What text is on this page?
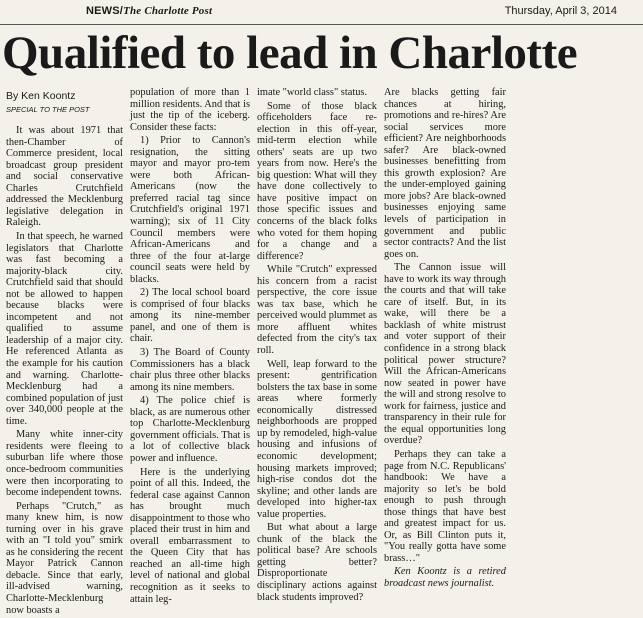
NEWS/The Charlotte Post	Thursday, April 3, 2014
Qualified to lead in Charlotte
By Ken Koontz
SPECIAL TO THE POST

It was about 1971 that then-Chamber of Commerce president, local broadcast group president and social conservative Charles Crutchfield addressed the Mecklenburg legislative delegation in Raleigh.

In that speech, he warned legislators that Charlotte was fast becoming a majority-black city. Crutchfield said that should not be allowed to happen because blacks were incompetent and not qualified to assume leadership of a major city. He referenced Atlanta as the example for his caution and warning. Charlotte-Mecklenburg had a combined population of just over 340,000 people at the time.

Many white inner-city residents were fleeing to suburban life where those once-bedroom communities were then incorporating to become independent towns.

Perhaps "Crutch," as many knew him, is now turning over in his grave with an "I told you" smirk as he considering the recent Mayor Patrick Cannon debacle. Since that early, ill-advised warning, Charlotte-Mecklenburg now boasts a

population of more than 1 million residents. And that is just the tip of the iceberg. Consider these facts:

1) Prior to Cannon's resignation, the sitting mayor and mayor pro-tem were both African-Americans (now the preferred racial tag since Crutchfield's original 1971 warning); six of 11 City Council members were African-Americans and three of the four at-large council seats were held by blacks.

2) The local school board is comprised of four blacks among its nine-member panel, and one of them is chair.

3) The Board of County Commissioners has a black chair plus three other blacks among its nine members.

4) The police chief is black, as are numerous other top Charlotte-Mecklenburg government officials. That is a lot of collective black power and influence.

Here is the underlying point of all this. Indeed, the federal case against Cannon has brought much disappointment to those who placed their trust in him and overall embarrassment to the Queen City that has reached an all-time high level of national and global recognition as it seeks to attain leg-

imate "world class" status.

Some of those black officeholders face re-election in this off-year, mid-term election while others' seats are up two years from now. Here's the big question: What will they have done collectively to have positive impact on those specific issues and concerns of the black folks who voted for them hoping for a change and a difference?

While "Crutch" expressed his concern from a racist perspective, the core issue was tax base, which he perceived would plummet as more affluent whites defected from the city's tax roll.

Well, leap forward to the present: gentrification bolsters the tax base in some areas where formerly economically distressed neighborhoods are propped up by remodeled, high-value housing and infusions of economic development; housing markets improved; high-rise condos dot the skyline; and other lands are developed into higher-tax value properties.

But what about a large chunk of the black the political base? Are schools getting better? Disproportionate disciplinary actions against black students improved?

Are blacks getting fair chances at hiring, promotions and re-hires? Are social services more efficient? Are neighborhoods safer? Are black-owned businesses benefitting from this growth explosion? Are the under-employed gaining more jobs? Are black-owned businesses enjoying same levels of participation in government and public sector contracts? And the list goes on.

The Cannon issue will have to work its way through the courts and that will take care of itself. But, in its wake, will there be a backlash of white mistrust and voter support of their confidence in a strong black political power structure? Will the African-Americans now seated in power have the will and strong resolve to work for fairness, justice and transparency in their rule for the equal opportunities long overdue?

Perhaps they can take a page from N.C. Republicans' handbook: We have a majority so let's be bold enough to push through those things that have best and greatest impact for us. Or, as Bill Clinton puts it, "You really gotta have some brass…"

Ken Koontz is a retired broadcast news journalist.
